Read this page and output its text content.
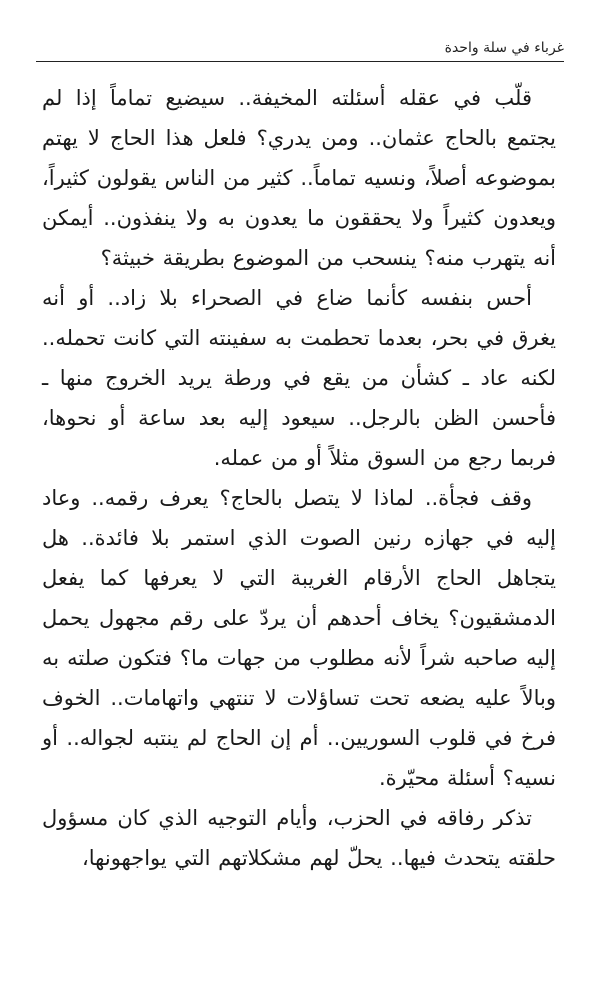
غرباء في سلة واحدة

قلّب في عقله أسئلته المخيفة.. سيضيع تماماً إذا لم يجتمع بالحاج عثمان.. ومن يدري؟ فلعل هذا الحاج لا يهتم بموضوعه أصلاً، ونسيه تماماً.. كثير من الناس يقولون كثيراً، ويعدون كثيراً ولا يحققون ما يعدون به ولا ينفذون.. أيمكن أنه يتهرب منه؟ ينسحب من الموضوع بطريقة خبيثة؟

أحس بنفسه كأنما ضاع في الصحراء بلا زاد.. أو أنه يغرق في بحر، بعدما تحطمت به سفينته التي كانت تحمله.. لكنه عاد ـ كشأن من يقع في ورطة يريد الخروج منها ـ فأحسن الظن بالرجل.. سيعود إليه بعد ساعة أو نحوها، فربما رجع من السوق مثلاً أو من عمله.

وقف فجأة.. لماذا لا يتصل بالحاج؟ يعرف رقمه.. وعاد إليه في جهازه رنين الصوت الذي استمر بلا فائدة.. هل يتجاهل الحاج الأرقام الغريبة التي لا يعرفها كما يفعل الدمشقيون؟ يخاف أحدهم أن يردّ على رقم مجهول يحمل إليه صاحبه شراً لأنه مطلوب من جهات ما؟ فتكون صلته به وبالاً عليه يضعه تحت تساؤلات لا تنتهي واتهامات.. الخوف فرخ في قلوب السوريين.. أم إن الحاج لم ينتبه لجواله.. أو نسيه؟ أسئلة محيّرة.

تذكر رفاقه في الحزب، وأيام التوجيه الذي كان مسؤول حلقته يتحدث فيها.. يحلّ لهم مشكلاتهم التي يواجهونها،
